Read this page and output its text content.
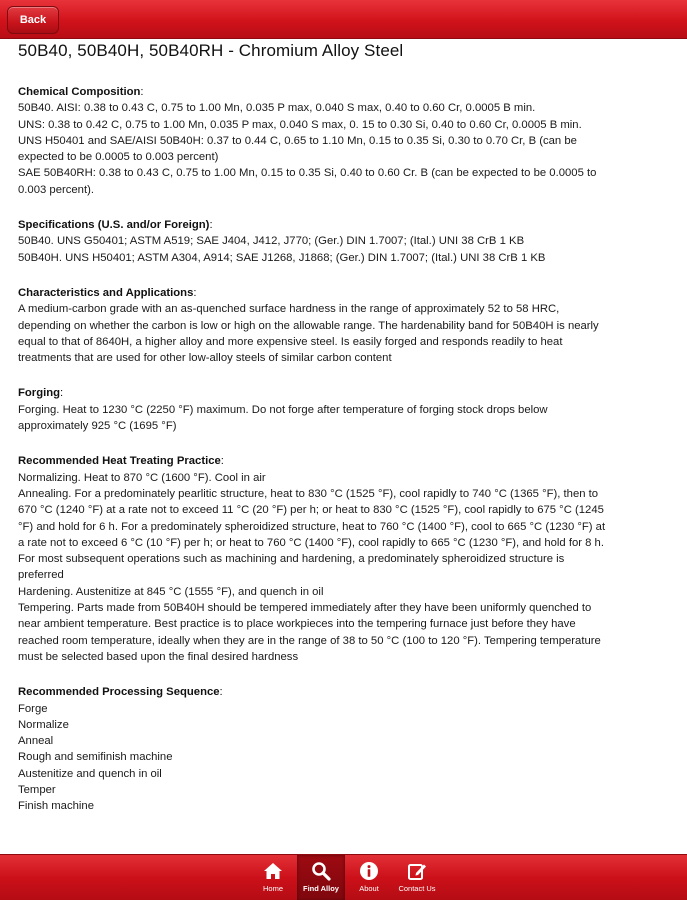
Back
50B40, 50B40H, 50B40RH - Chromium Alloy Steel
Chemical Composition:
50B40. AISI: 0.38 to 0.43 C, 0.75 to 1.00 Mn, 0.035 P max, 0.040 S max, 0.40 to 0.60 Cr, 0.0005 B min.
UNS: 0.38 to 0.42 C, 0.75 to 1.00 Mn, 0.035 P max, 0.040 S max, 0. 15 to 0.30 Si, 0.40 to 0.60 Cr, 0.0005 B min.
UNS H50401 and SAE/AISI 50B40H: 0.37 to 0.44 C, 0.65 to 1.10 Mn, 0.15 to 0.35 Si, 0.30 to 0.70 Cr, B (can be
expected to be 0.0005 to 0.003 percent)
SAE 50B40RH: 0.38 to 0.43 C, 0.75 to 1.00 Mn, 0.15 to 0.35 Si, 0.40 to 0.60 Cr. B (can be expected to be 0.0005 to
0.003 percent).
Specifications (U.S. and/or Foreign):
50B40. UNS G50401; ASTM A519; SAE J404, J412, J770; (Ger.) DIN 1.7007; (Ital.) UNI 38 CrB 1 KB
50B40H. UNS H50401; ASTM A304, A914; SAE J1268, J1868; (Ger.) DIN 1.7007; (Ital.) UNI 38 CrB 1 KB
Characteristics and Applications:
A medium-carbon grade with an as-quenched surface hardness in the range of approximately 52 to 58 HRC,
depending on whether the carbon is low or high on the allowable range. The hardenability band for 50B40H is nearly
equal to that of 8640H, a higher alloy and more expensive steel. Is easily forged and responds readily to heat
treatments that are used for other low-alloy steels of similar carbon content
Forging:
Forging. Heat to 1230 °C (2250 °F) maximum. Do not forge after temperature of forging stock drops below
approximately 925 °C (1695 °F)
Recommended Heat Treating Practice:
Normalizing. Heat to 870 °C (1600 °F). Cool in air
Annealing. For a predominately pearlitic structure, heat to 830 °C (1525 °F), cool rapidly to 740 °C (1365 °F), then to
670 °C (1240 °F) at a rate not to exceed 11 °C (20 °F) per h; or heat to 830 °C (1525 °F), cool rapidly to 675 °C (1245
°F) and hold for 6 h. For a predominately spheroidized structure, heat to 760 °C (1400 °F), cool to 665 °C (1230 °F) at
a rate not to exceed 6 °C (10 °F) per h; or heat to 760 °C (1400 °F), cool rapidly to 665 °C (1230 °F), and hold for 8 h.
For most subsequent operations such as machining and hardening, a predominately spheroidized structure is
preferred
Hardening. Austenitize at 845 °C (1555 °F), and quench in oil
Tempering. Parts made from 50B40H should be tempered immediately after they have been uniformly quenched to
near ambient temperature. Best practice is to place workpieces into the tempering furnace just before they have
reached room temperature, ideally when they are in the range of 38 to 50 °C (100 to 120 °F). Tempering temperature
must be selected based upon the final desired hardness
Recommended Processing Sequence:
Forge
Normalize
Anneal
Rough and semifinish machine
Austenitize and quench in oil
Temper
Finish machine
Home	Find Alloy	About	Contact Us
